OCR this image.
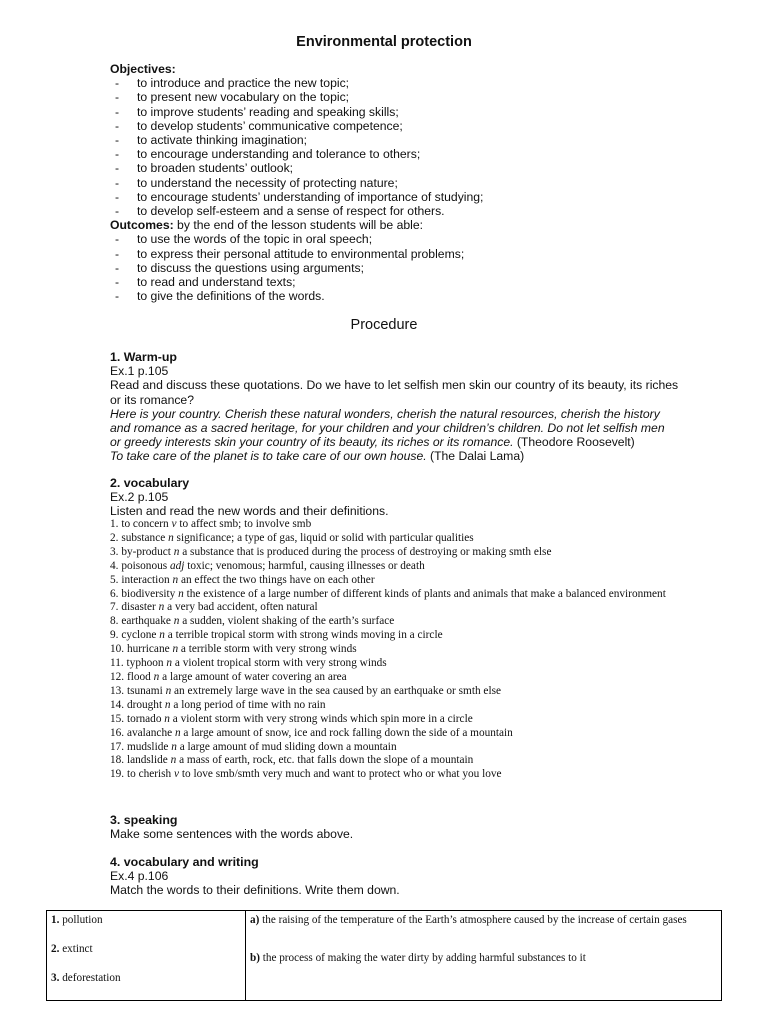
Environmental protection
Objectives:
- to introduce and practice the new topic;
- to present new vocabulary on the topic;
- to improve students’ reading and speaking skills;
- to develop students’ communicative competence;
- to activate thinking imagination;
- to encourage understanding and tolerance to others;
- to broaden students’ outlook;
- to understand the necessity of protecting nature;
- to encourage students’ understanding of importance of studying;
- to develop self-esteem and a sense of respect for others.
Outcomes: by the end of the lesson students will be able:
- to use the words of the topic in oral speech;
- to express their personal attitude to environmental problems;
- to discuss the questions using arguments;
- to read and understand texts;
- to give the definitions of the words.
Procedure
1. Warm-up

Ex.1 p.105

Read and discuss these quotations. Do we have to let selfish men skin our country of its beauty, its riches

or its romance?

Here is your country. Cherish these natural wonders, cherish the natural resources, cherish the history

and romance as a sacred heritage, for your children and your children’s children. Do not let selfish men

or greedy interests skin your country of its beauty, its riches or its romance. (Theodore Roosevelt)

To take care of the planet is to take care of our own house. (The Dalai Lama)

2. vocabulary

Ex.2 p.105

Listen and read the new words and their definitions.

1. to concern v to affect smb; to involve smb
2. substance n significance; a type of gas, liquid or solid with particular qualities
3. by-product n a substance that is produced during the process of destroying or making smth else
4. poisonous adj toxic; venomous; harmful, causing illnesses or death
5. interaction n an effect the two things have on each other
6. biodiversity n the existence of a large number of different kinds of plants and animals that make a balanced environment
7. disaster n a very bad accident, often natural
8. earthquake n a sudden, violent shaking of the earth’s surface
9. cyclone n a terrible tropical storm with strong winds moving in a circle
10. hurricane n a terrible storm with very strong winds
11. typhoon n a violent tropical storm with very strong winds
12. flood n a large amount of water covering an area
13. tsunami n an extremely large wave in the sea caused by an earthquake or smth else
14. drought n a long period of time with no rain
15. tornado n a violent storm with very strong winds which spin more in a circle
16. avalanche n a large amount of snow, ice and rock falling down the side of a mountain
17. mudslide n a large amount of mud sliding down a mountain
18. landslide n a mass of earth, rock, etc. that falls down the slope of a mountain
19. to cherish v to love smb/smth very much and want to protect who or what you love
3. speaking

Make some sentences with the words above.

4. vocabulary and writing

Ex.4 p.106

Match the words to their definitions. Write them down.

1. pollution
2. extinct
3. deforestation

a) the raising of the temperature of the Earth’s atmosphere caused by the increase of certain gases
b) the process of making the water dirty by adding harmful substances to it
